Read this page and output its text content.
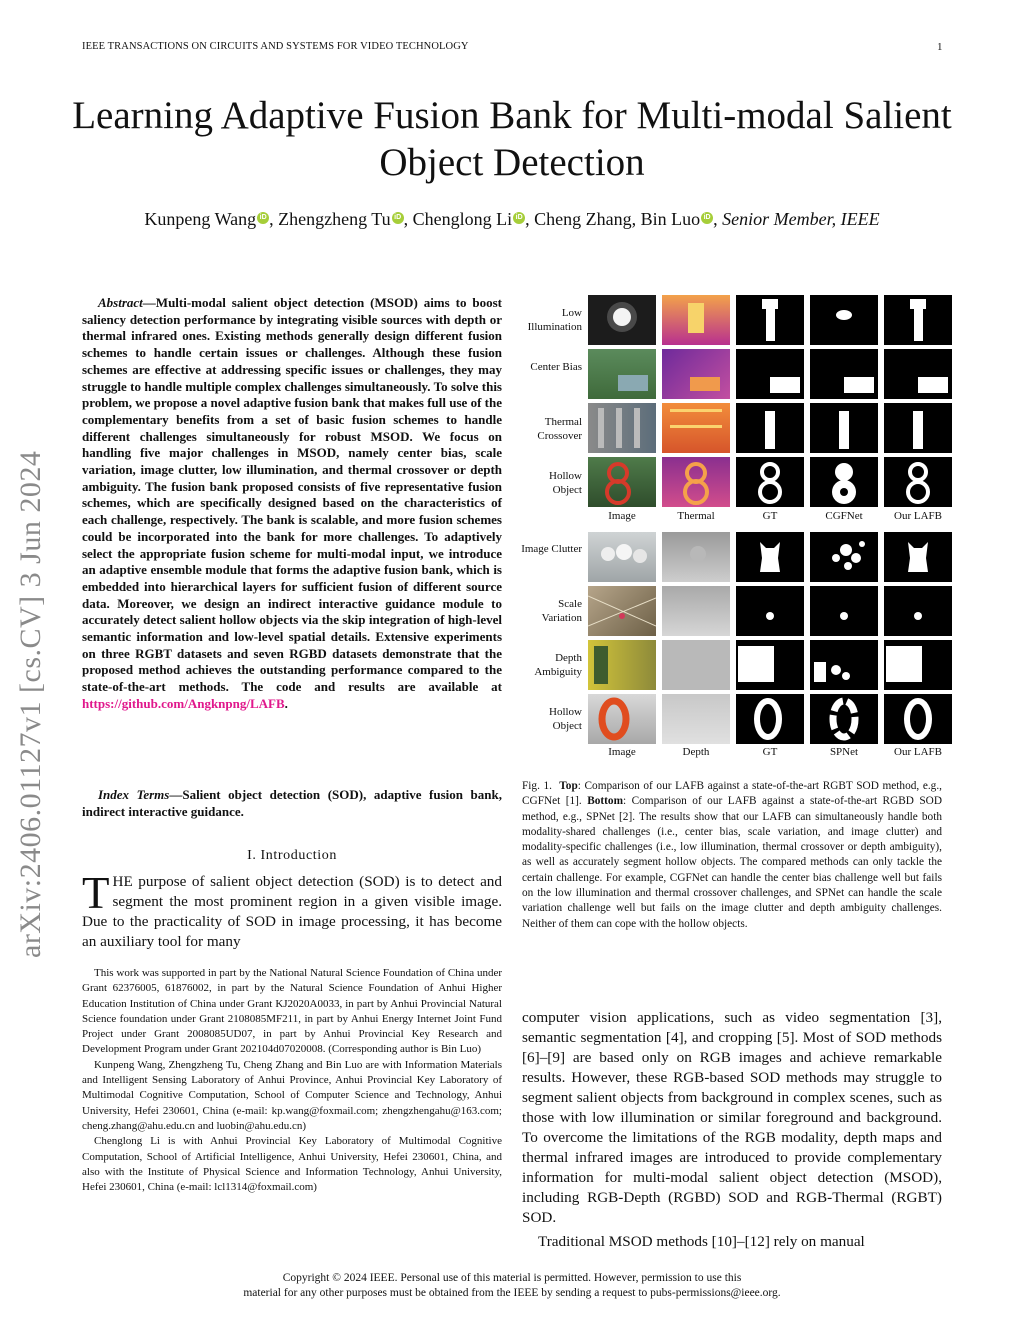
IEEE TRANSACTIONS ON CIRCUITS AND SYSTEMS FOR VIDEO TECHNOLOGY	1
arXiv:2406.01127v1 [cs.CV] 3 Jun 2024
Learning Adaptive Fusion Bank for Multi-modal Salient Object Detection
Kunpeng Wang iD , Zhengzheng Tu iD , Chenglong Li iD , Cheng Zhang, Bin Luo iD , Senior Member, IEEE
Abstract—Multi-modal salient object detection (MSOD) aims to boost saliency detection performance by integrating visible sources with depth or thermal infrared ones. Existing methods generally design different fusion schemes to handle certain issues or challenges. Although these fusion schemes are effective at addressing specific issues or challenges, they may struggle to handle multiple complex challenges simultaneously. To solve this problem, we propose a novel adaptive fusion bank that makes full use of the complementary benefits from a set of basic fusion schemes to handle different challenges simultaneously for robust MSOD. We focus on handling five major challenges in MSOD, namely center bias, scale variation, image clutter, low illumination, and thermal crossover or depth ambiguity. The fusion bank proposed consists of five representative fusion schemes, which are specifically designed based on the characteristics of each challenge, respectively. The bank is scalable, and more fusion schemes could be incorporated into the bank for more challenges. To adaptively select the appropriate fusion scheme for multi-modal input, we introduce an adaptive ensemble module that forms the adaptive fusion bank, which is embedded into hierarchical layers for sufficient fusion of different source data. Moreover, we design an indirect interactive guidance module to accurately detect salient hollow objects via the skip integration of high-level semantic information and low-level spatial details. Extensive experiments on three RGBT datasets and seven RGBD datasets demonstrate that the proposed method achieves the outstanding performance compared to the state-of-the-art methods. The code and results are available at https://github.com/Angknpng/LAFB.
Index Terms—Salient object detection (SOD), adaptive fusion bank, indirect interactive guidance.
I. Introduction
THE purpose of salient object detection (SOD) is to detect and segment the most prominent region in a given visible image. Due to the practicality of SOD in image processing, it has become an auxiliary tool for many

This work was supported in part by the National Natural Science Foundation of China under Grant 62376005, 61876002, in part by the Natural Science Foundation of Anhui Higher Education Institution of China under Grant KJ2020A0033, in part by Anhui Provincial Natural Science foundation under Grant 2108085MF211, in part by Anhui Energy Internet Joint Fund Project under Grant 2008085UD07, in part by Anhui Provincial Key Research and Development Program under Grant 202104d07020008. (Corresponding author is Bin Luo)

Kunpeng Wang, Zhengzheng Tu, Cheng Zhang and Bin Luo are with Information Materials and Intelligent Sensing Laboratory of Anhui Province, Anhui Provincial Key Laboratory of Multimodal Cognitive Computation, School of Computer Science and Technology, Anhui University, Hefei 230601, China (e-mail: kp.wang@foxmail.com; zhengzhengahu@163.com; cheng.zhang@ahu.edu.cn and luobin@ahu.edu.cn)

Chenglong Li is with Anhui Provincial Key Laboratory of Multimodal Cognitive Computation, School of Artificial Intelligence, Anhui University, Hefei 230601, China, and also with the Institute of Physical Science and Information Technology, Anhui University, Hefei 230601, China (e-mail: lcl1314@foxmail.com)

Low Illumination
Center Bias
Thermal Crossover
Hollow Object
Image	Thermal	GT	CGFNet	Our LAFB
Image Clutter
Scale Variation
Depth Ambiguity
Hollow Object
Image	Depth	GT	SPNet	Our LAFB
Fig. 1. Top: Comparison of our LAFB against a state-of-the-art RGBT SOD method, e.g., CGFNet [1]. Bottom: Comparison of our LAFB against a state-of-the-art RGBD SOD method, e.g., SPNet [2]. The results show that our LAFB can simultaneously handle both modality-shared challenges (i.e., center bias, scale variation, and image clutter) and modality-specific challenges (i.e., low illumination, thermal crossover or depth ambiguity), as well as accurately segment hollow objects. The compared methods can only tackle the certain challenge. For example, CGFNet can handle the center bias challenge well but fails on the low illumination and thermal crossover challenges, and SPNet can handle the scale variation challenge well but fails on the image clutter and depth ambiguity challenges. Neither of them can cope with the hollow objects.

computer vision applications, such as video segmentation [3], semantic segmentation [4], and cropping [5]. Most of SOD methods [6]–[9] are based only on RGB images and achieve remarkable results. However, these RGB-based SOD methods may struggle to segment salient objects from background in complex scenes, such as those with low illumination or similar foreground and background. To overcome the limitations of the RGB modality, depth maps and thermal infrared images are introduced to provide complementary information for multi-modal salient object detection (MSOD), including RGB-Depth (RGBD) SOD and RGB-Thermal (RGBT) SOD.

Traditional MSOD methods [10]–[12] rely on manual

Copyright © 2024 IEEE. Personal use of this material is permitted. However, permission to use this
material for any other purposes must be obtained from the IEEE by sending a request to pubs-permissions@ieee.org.
